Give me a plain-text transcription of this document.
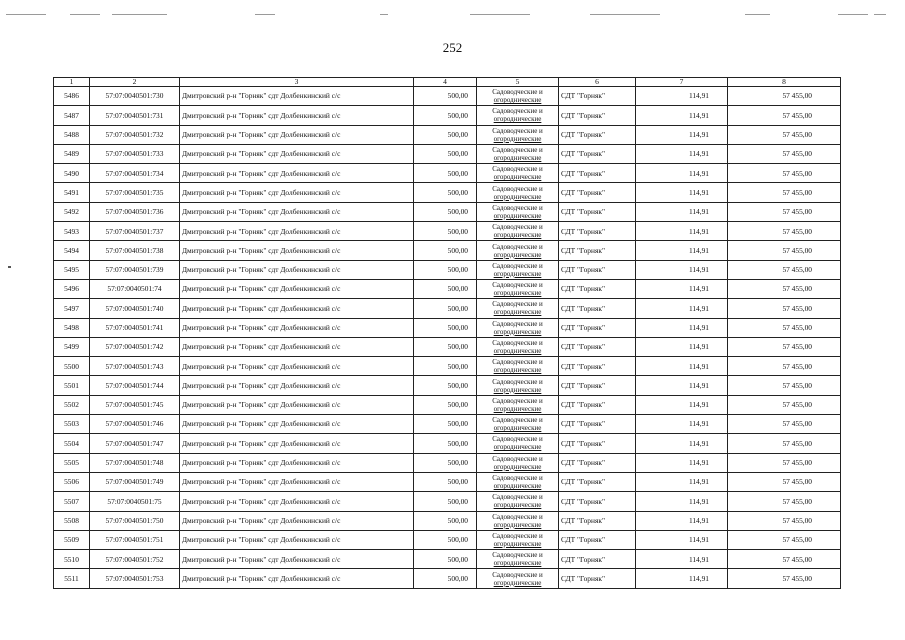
252
1	2	3	4	5	6	7	8
5486	57:07:0040501:730	Дмитровский р-н "Горняк" сдт Долбенкинский с/с	500,00	Садоводческие и
огороднические	СДТ "Горняк"	114,91	57 455,00
5487	57:07:0040501:731	Дмитровский р-н "Горняк" сдт Долбенкинский с/с	500,00	Садоводческие и
огороднические	СДТ "Горняк"	114,91	57 455,00
5488	57:07:0040501:732	Дмитровский р-н "Горняк" сдт Долбенкинский с/с	500,00	Садоводческие и
огороднические	СДТ "Горняк"	114,91	57 455,00
5489	57:07:0040501:733	Дмитровский р-н "Горняк" сдт Долбенкинский с/с	500,00	Садоводческие и
огороднические	СДТ "Горняк"	114,91	57 455,00
5490	57:07:0040501:734	Дмитровский р-н "Горняк" сдт Долбенкинский с/с	500,00	Садоводческие и
огороднические	СДТ "Горняк"	114,91	57 455,00
5491	57:07:0040501:735	Дмитровский р-н "Горняк" сдт Долбенкинский с/с	500,00	Садоводческие и
огороднические	СДТ "Горняк"	114,91	57 455,00
5492	57:07:0040501:736	Дмитровский р-н "Горняк" сдт Долбенкинский с/с	500,00	Садоводческие и
огороднические	СДТ "Горняк"	114,91	57 455,00
5493	57:07:0040501:737	Дмитровский р-н "Горняк" сдт Долбенкинский с/с	500,00	Садоводческие и
огороднические	СДТ "Горняк"	114,91	57 455,00
5494	57:07:0040501:738	Дмитровский р-н "Горняк" сдт Долбенкинский с/с	500,00	Садоводческие и
огороднические	СДТ "Горняк"	114,91	57 455,00
5495	57:07:0040501:739	Дмитровский р-н "Горняк" сдт Долбенкинский с/с	500,00	Садоводческие и
огороднические	СДТ "Горняк"	114,91	57 455,00
5496	57:07:0040501:74	Дмитровский р-н "Горняк" сдт Долбенкинский с/с	500,00	Садоводческие и
огороднические	СДТ "Горняк"	114,91	57 455,00
5497	57:07:0040501:740	Дмитровский р-н "Горняк" сдт Долбенкинский с/с	500,00	Садоводческие и
огороднические	СДТ "Горняк"	114,91	57 455,00
5498	57:07:0040501:741	Дмитровский р-н "Горняк" сдт Долбенкинский с/с	500,00	Садоводческие и
огороднические	СДТ "Горняк"	114,91	57 455,00
5499	57:07:0040501:742	Дмитровский р-н "Горняк" сдт Долбенкинский с/с	500,00	Садоводческие и
огороднические	СДТ "Горняк"	114,91	57 455,00
5500	57:07:0040501:743	Дмитровский р-н "Горняк" сдт Долбенкинский с/с	500,00	Садоводческие и
огороднические	СДТ "Горняк"	114,91	57 455,00
5501	57:07:0040501:744	Дмитровский р-н "Горняк" сдт Долбенкинский с/с	500,00	Садоводческие и
огороднические	СДТ "Горняк"	114,91	57 455,00
5502	57:07:0040501:745	Дмитровский р-н "Горняк" сдт Долбенкинский с/с	500,00	Садоводческие и
огороднические	СДТ "Горняк"	114,91	57 455,00
5503	57:07:0040501:746	Дмитровский р-н "Горняк" сдт Долбенкинский с/с	500,00	Садоводческие и
огороднические	СДТ "Горняк"	114,91	57 455,00
5504	57:07:0040501:747	Дмитровский р-н "Горняк" сдт Долбенкинский с/с	500,00	Садоводческие и
огороднические	СДТ "Горняк"	114,91	57 455,00
5505	57:07:0040501:748	Дмитровский р-н "Горняк" сдт Долбенкинский с/с	500,00	Садоводческие и
огороднические	СДТ "Горняк"	114,91	57 455,00
5506	57:07:0040501:749	Дмитровский р-н "Горняк" сдт Долбенкинский с/с	500,00	Садоводческие и
огороднические	СДТ "Горняк"	114,91	57 455,00
5507	57:07:0040501:75	Дмитровский р-н "Горняк" сдт Долбенкинский с/с	500,00	Садоводческие и
огороднические	СДТ "Горняк"	114,91	57 455,00
5508	57:07:0040501:750	Дмитровский р-н "Горняк" сдт Долбенкинский с/с	500,00	Садоводческие и
огороднические	СДТ "Горняк"	114,91	57 455,00
5509	57:07:0040501:751	Дмитровский р-н "Горняк" сдт Долбенкинский с/с	500,00	Садоводческие и
огороднические	СДТ "Горняк"	114,91	57 455,00
5510	57:07:0040501:752	Дмитровский р-н "Горняк" сдт Долбенкинский с/с	500,00	Садоводческие и
огороднические	СДТ "Горняк"	114,91	57 455,00
5511	57:07:0040501:753	Дмитровский р-н "Горняк" сдт Долбенкинский с/с	500,00	Садоводческие и
огороднические	СДТ "Горняк"	114,91	57 455,00
